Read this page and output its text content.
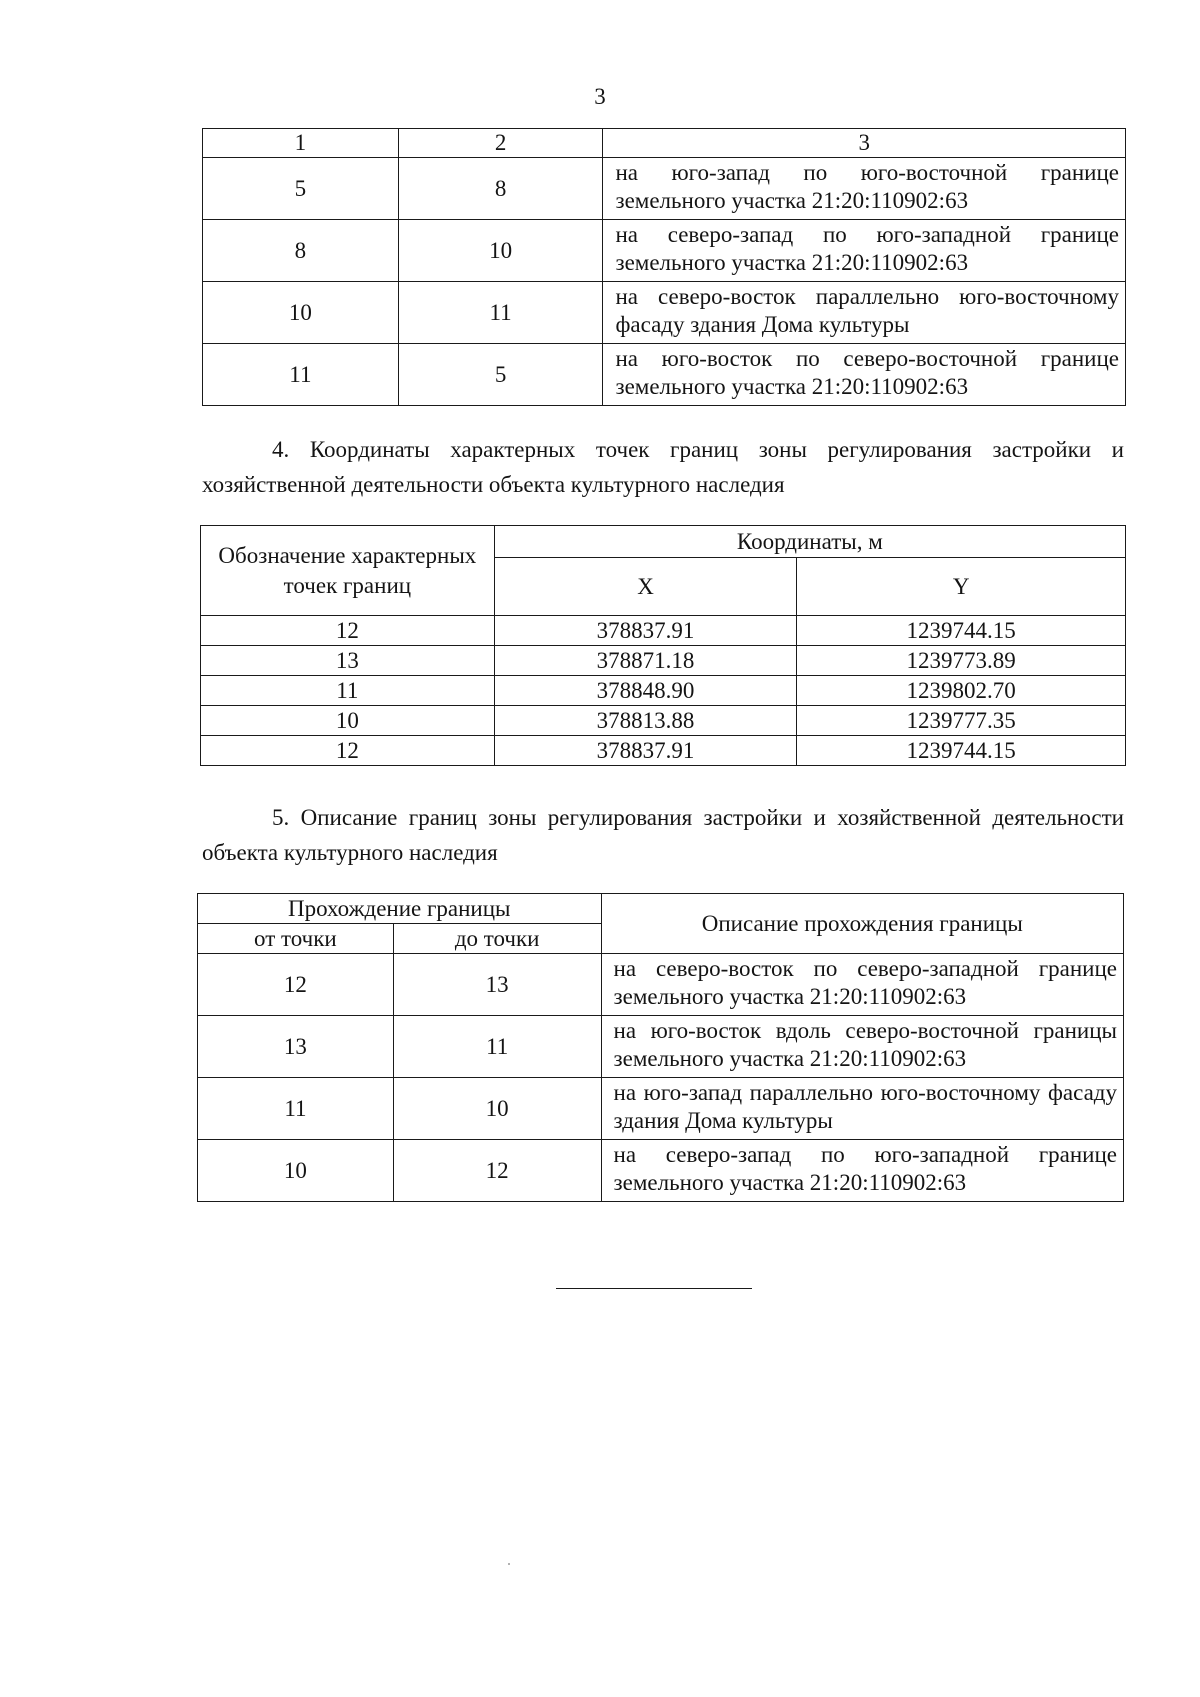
3
1	2	3
5	8	на юго-запад по юго-восточной границе земельного участка 21:20:110902:63
8	10	на северо-запад по юго-западной границе земельного участка 21:20:110902:63
10	11	на северо-восток параллельно юго-восточному фасаду здания Дома культуры
11	5	на юго-восток по северо-восточной границе земельного участка 21:20:110902:63

4. Координаты характерных точек границ зоны регулирования застройки и хозяйственной деятельности объекта культурного наследия

Обозначение характерных точек границ	Координаты, м	
	X	Y
12	378837.91	1239744.15
13	378871.18	1239773.89
11	378848.90	1239802.70
10	378813.88	1239777.35
12	378837.91	1239744.15

5. Описание границ зоны регулирования застройки и хозяйственной деятельности объекта культурного наследия

Прохождение границы		Описание прохождения границы
от точки	до точки	
12	13	на северо-восток по северо-западной границе земельного участка 21:20:110902:63
13	11	на юго-восток вдоль северо-восточной границы земельного участка 21:20:110902:63
11	10	на юго-запад параллельно юго-восточному фасаду здания Дома культуры
10	12	на северо-запад по юго-западной границе земельного участка 21:20:110902:63
